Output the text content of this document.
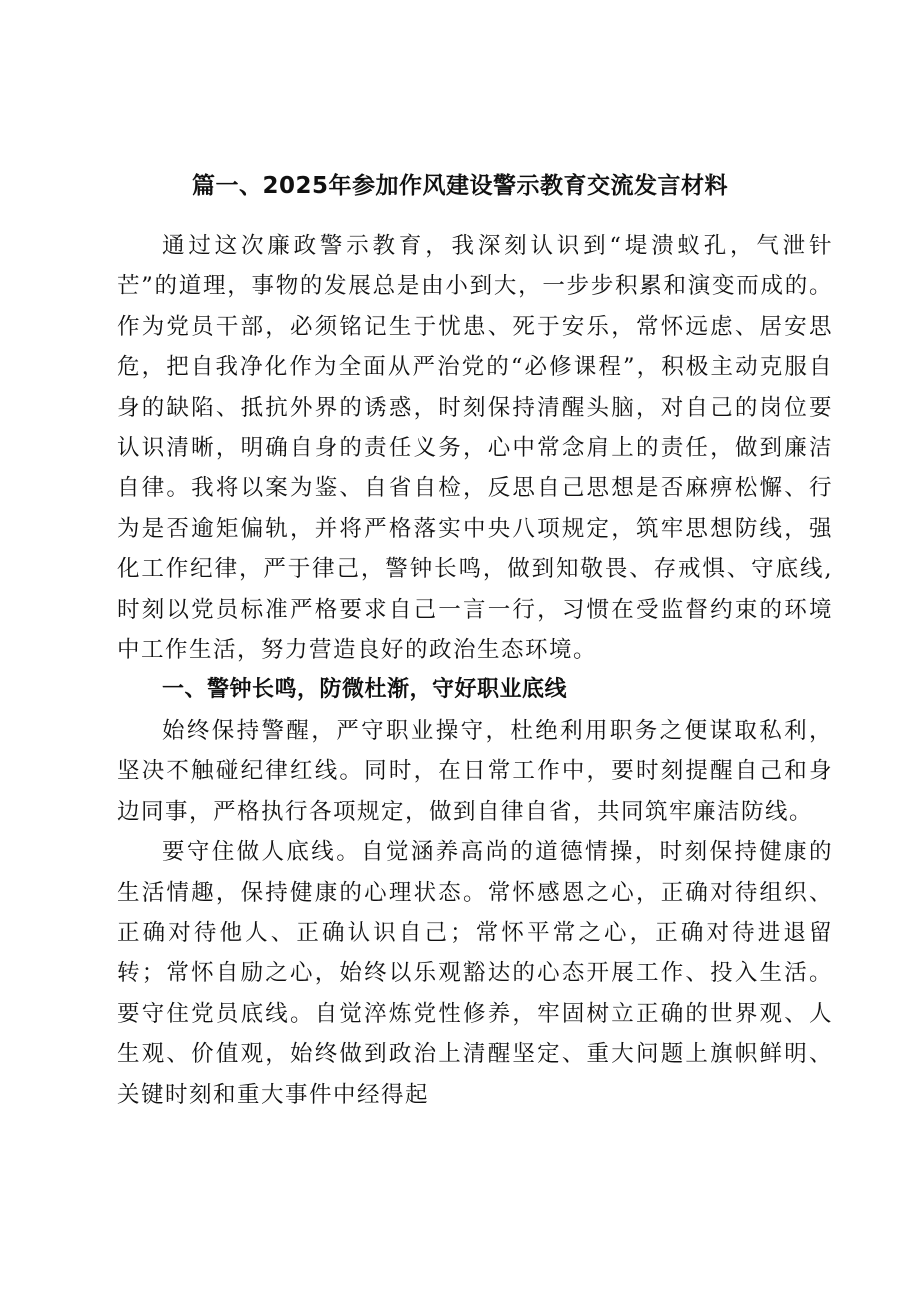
篇一、2025年参加作风建设警示教育交流发言材料

通过这次廉政警示教育，我深刻认识到“堤溃蚁孔，气泄针芒”的道理，事物的发展总是由小到大，一步步积累和演变而成的。作为党员干部，必须铭记生于忧患、死于安乐，常怀远虑、居安思危，把自我净化作为全面从严治党的“必修课程”，积极主动克服自身的缺陷、抵抗外界的诱惑，时刻保持清醒头脑，对自己的岗位要认识清晰，明确自身的责任义务，心中常念肩上的责任，做到廉洁自律。我将以案为鉴、自省自检，反思自己思想是否麻痹松懈、行为是否逾矩偏轨，并将严格落实中央八项规定，筑牢思想防线，强化工作纪律，严于律己，警钟长鸣，做到知敬畏、存戒惧、守底线,时刻以党员标准严格要求自己一言一行，习惯在受监督约束的环境中工作生活，努力营造良好的政治生态环境。

一、警钟长鸣，防微杜渐，守好职业底线

始终保持警醒，严守职业操守，杜绝利用职务之便谋取私利，坚决不触碰纪律红线。同时，在日常工作中，要时刻提醒自己和身边同事，严格执行各项规定，做到自律自省，共同筑牢廉洁防线。

要守住做人底线。自觉涵养高尚的道德情操，时刻保持健康的生活情趣，保持健康的心理状态。常怀感恩之心，正确对待组织、正确对待他人、正确认识自己；常怀平常之心，正确对待进退留转；常怀自励之心，始终以乐观豁达的心态开展工作、投入生活。要守住党员底线。自觉淬炼党性修养，牢固树立正确的世界观、人生观、价值观，始终做到政治上清醒坚定、重大问题上旗帜鲜明、关键时刻和重大事件中经得起
